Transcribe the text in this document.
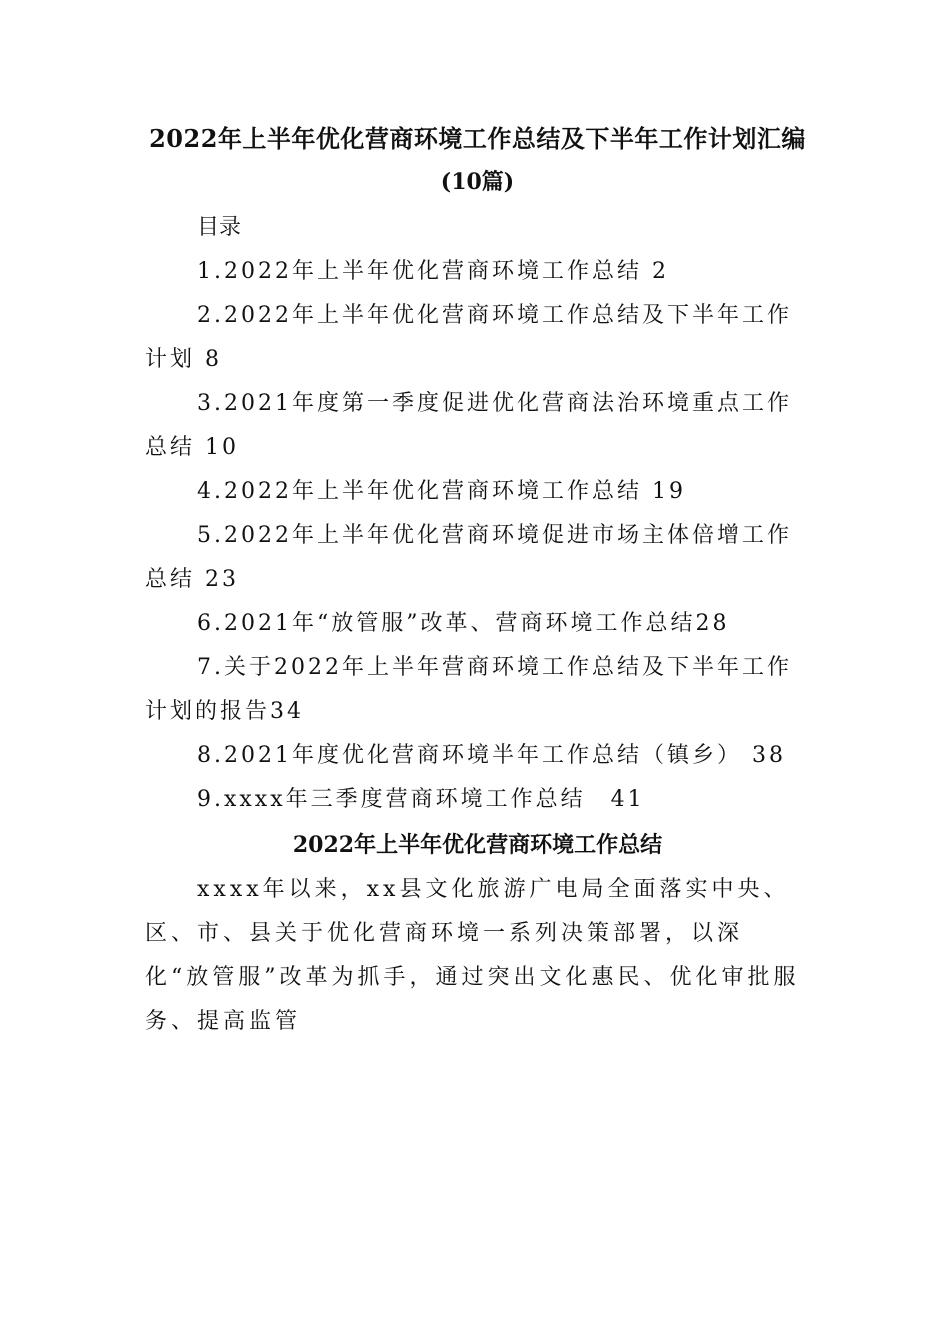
2022年上半年优化营商环境工作总结及下半年工作计划汇编
(10篇)
目录
1.2022年上半年优化营商环境工作总结 2
2.2022年上半年优化营商环境工作总结及下半年工作计划 8
3.2021年度第一季度促进优化营商法治环境重点工作总结 10
4.2022年上半年优化营商环境工作总结 19
5.2022年上半年优化营商环境促进市场主体倍增工作总结 23
6.2021年“放管服”改革、营商环境工作总结28
7.关于2022年上半年营商环境工作总结及下半年工作计划的报告34
8.2021年度优化营商环境半年工作总结（镇乡） 38
9.xxxx年三季度营商环境工作总结　41
2022年上半年优化营商环境工作总结

xxxx年以来，xx县文化旅游广电局全面落实中央、区、市、县关于优化营商环境一系列决策部署，以深化“放管服”改革为抓手，通过突出文化惠民、优化审批服务、提高监管
